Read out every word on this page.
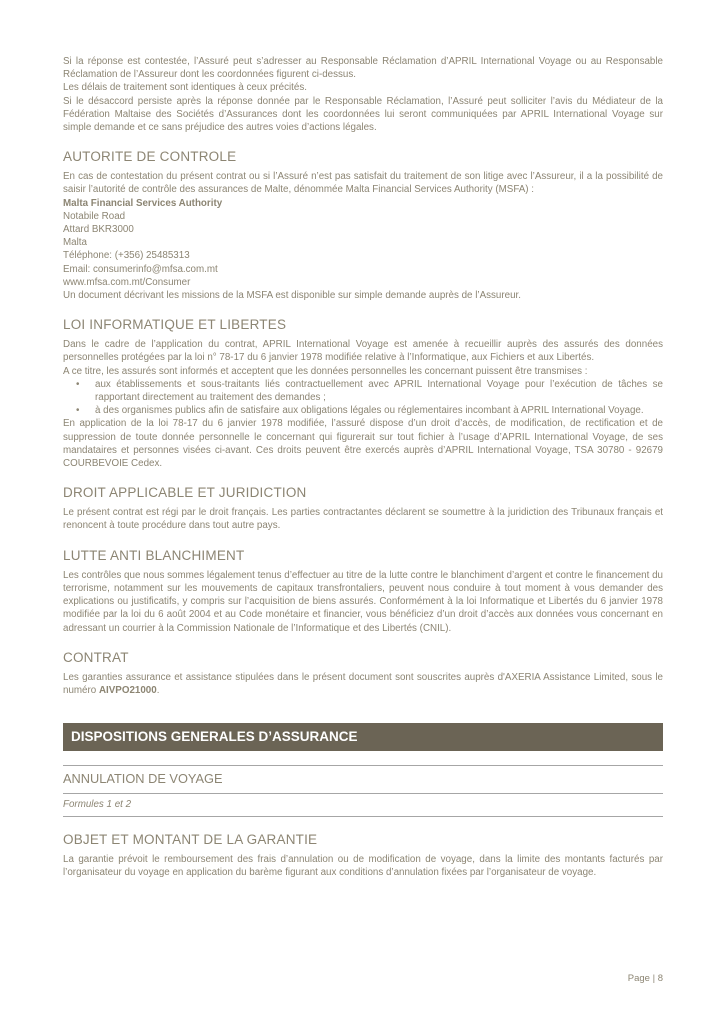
Si la réponse est contestée, l’Assuré peut s’adresser au Responsable Réclamation d’APRIL International Voyage ou au Responsable Réclamation de l’Assureur dont les coordonnées figurent ci-dessus.

Les délais de traitement sont identiques à ceux précités.

Si le désaccord persiste après la réponse donnée par le Responsable Réclamation, l’Assuré peut solliciter l’avis du Médiateur de la Fédération Maltaise des Sociétés d’Assurances dont les coordonnées lui seront communiquées par APRIL International Voyage sur simple demande et ce sans préjudice des autres voies d’actions légales.

AUTORITE DE CONTROLE

En cas de contestation du présent contrat ou si l’Assuré n’est pas satisfait du traitement de son litige avec l’Assureur, il a la possibilité de saisir l’autorité de contrôle des assurances de Malte, dénommée Malta Financial Services Authority (MSFA) :

Malta Financial Services Authority
Notabile Road
Attard BKR3000
Malta
Téléphone: (+356) 25485313
Email: consumerinfo@mfsa.com.mt
www.mfsa.com.mt/Consumer
Un document décrivant les missions de la MSFA est disponible sur simple demande auprès de l’Assureur.
LOI INFORMATIQUE ET LIBERTES

Dans le cadre de l’application du contrat, APRIL International Voyage est amenée à recueillir auprès des assurés des données personnelles protégées par la loi n° 78-17 du 6 janvier 1978 modifiée relative à l’Informatique, aux Fichiers et aux Libertés.

A ce titre, les assurés sont informés et acceptent que les données personnelles les concernant puissent être transmises :

•	aux établissements et sous-traitants liés contractuellement avec APRIL International Voyage pour l’exécution de tâches se rapportant directement au traitement des demandes ;
•	à des organismes publics afin de satisfaire aux obligations légales ou réglementaires incombant à APRIL International Voyage.

En application de la loi 78-17 du 6 janvier 1978 modifiée, l’assuré dispose d’un droit d’accès, de modification, de rectification et de suppression de toute donnée personnelle le concernant qui figurerait sur tout fichier à l’usage d’APRIL International Voyage, de ses mandataires et personnes visées ci-avant. Ces droits peuvent être exercés auprès d’APRIL International Voyage, TSA 30780 - 92679 COURBEVOIE Cedex.

DROIT APPLICABLE ET JURIDICTION

Le présent contrat est régi par le droit français. Les parties contractantes déclarent se soumettre à la juridiction des Tribunaux français et renoncent à toute procédure dans tout autre pays.

LUTTE ANTI BLANCHIMENT

Les contrôles que nous sommes légalement tenus d’effectuer au titre de la lutte contre le blanchiment d’argent et contre le financement du terrorisme, notamment sur les mouvements de capitaux transfrontaliers, peuvent nous conduire à tout moment à vous demander des explications ou justificatifs, y compris sur l’acquisition de biens assurés. Conformément à la loi Informatique et Libertés du 6 janvier 1978 modifiée par la loi du 6 août 2004 et au Code monétaire et financier, vous bénéficiez d’un droit d’accès aux données vous concernant en adressant un courrier à la Commission Nationale de l’Informatique et des Libertés (CNIL).

CONTRAT

Les garanties assurance et assistance stipulées dans le présent document sont souscrites auprès d'AXERIA Assistance Limited, sous le numéro AIVPO21000.

DISPOSITIONS GENERALES D’ASSURANCE
ANNULATION DE VOYAGE
Formules 1 et 2
OBJET ET MONTANT DE LA GARANTIE

La garantie prévoit le remboursement des frais d’annulation ou de modification de voyage, dans la limite des montants facturés par l’organisateur du voyage en application du barème figurant aux conditions d’annulation fixées par l’organisateur de voyage.

Page | 8
